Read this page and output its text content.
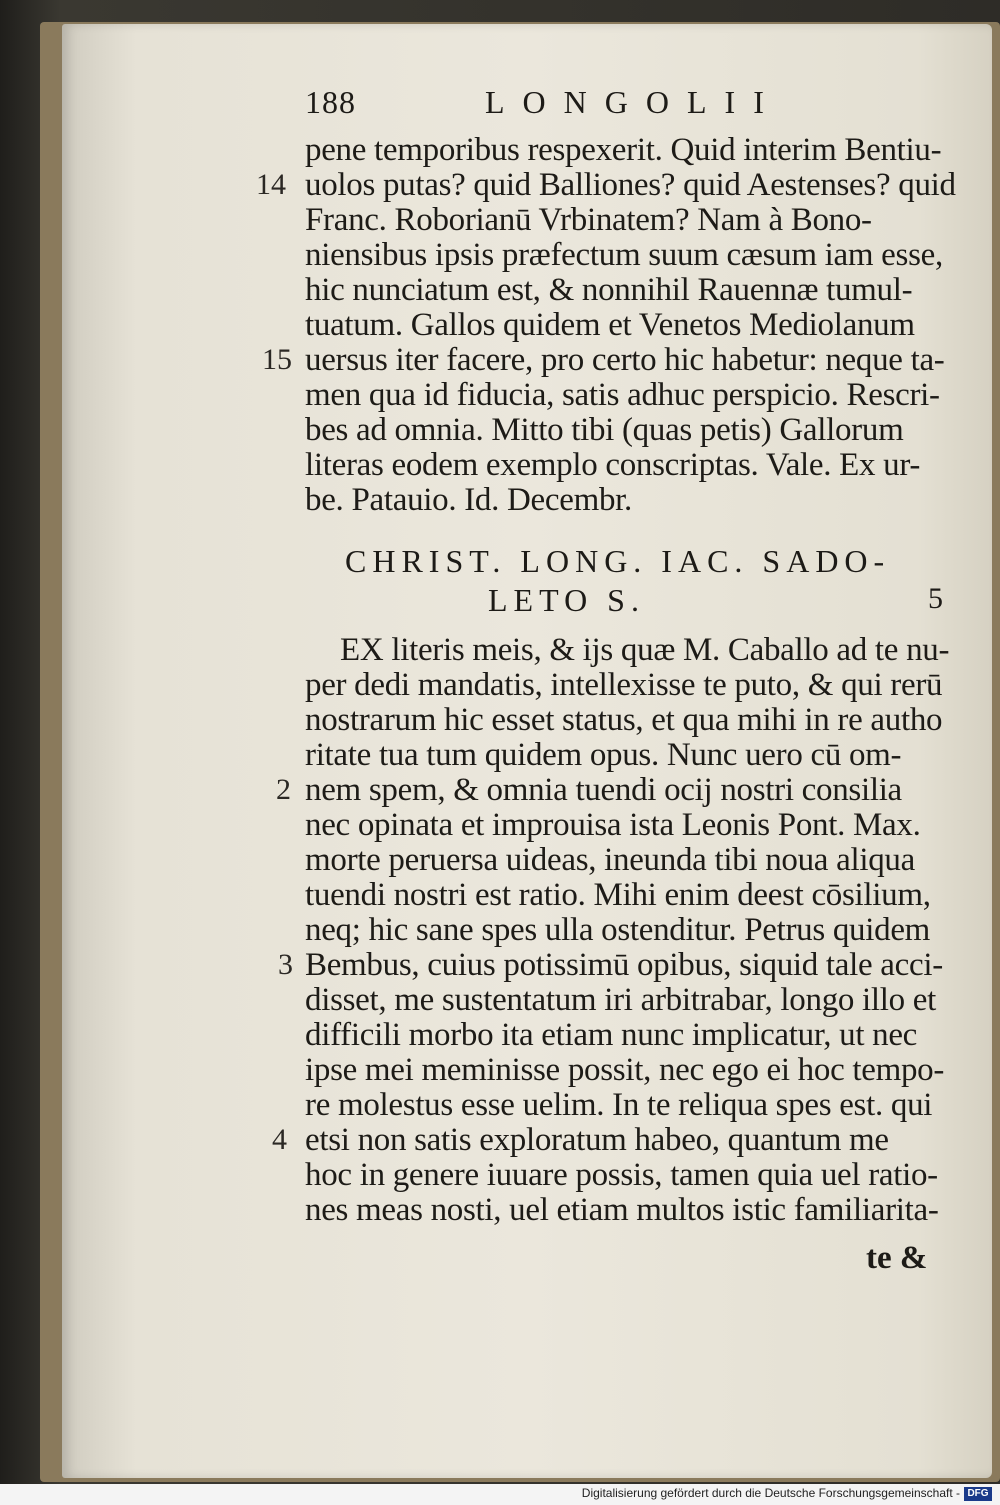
188	LONGOLII
pene temporibus respexerit. Quid interim Bentiu-
uolos putas? quid Balliones? quid Aestenses? quid
Franc. Roborianū Vrbinatem? Nam à Bono-
niensibus ipsis præfectum suum cæsum iam esse,
hic nunciatum est, & nonnihil Rauennæ tumul-
tuatum. Gallos quidem et Venetos Mediolanum
uersus iter facere, pro certo hic habetur: neque ta-
men qua id fiducia, satis adhuc perspicio. Rescri-
bes ad omnia. Mitto tibi (quas petis) Gallorum
literas eodem exemplo conscriptas. Vale. Ex ur-
be. Patauio. Id. Decembr.
14
15
CHRIST. LONG. IAC. SADO-
LETO S.	5
EX literis meis, & ijs quæ M. Caballo ad te nu-
per dedi mandatis, intellexisse te puto, & qui rerū
nostrarum hic esset status, et qua mihi in re autho
ritate tua tum quidem opus. Nunc uero cū om-
nem spem, & omnia tuendi ocij nostri consilia
nec opinata et improuisa ista Leonis Pont. Max.
morte peruersa uideas, ineunda tibi noua aliqua
tuendi nostri est ratio. Mihi enim deest cōsilium,
neq; hic sane spes ulla ostenditur. Petrus quidem
Bembus, cuius potissimū opibus, siquid tale acci-
disset, me sustentatum iri arbitrabar, longo illo et
difficili morbo ita etiam nunc implicatur, ut nec
ipse mei meminisse possit, nec ego ei hoc tempo-
re molestus esse uelim. In te reliqua spes est. qui
etsi non satis exploratum habeo, quantum me
hoc in genere iuuare possis, tamen quia uel ratio-
nes meas nosti, uel etiam multos istic familiarita-
2
3
4
te &
Digitalisierung gefördert durch die Deutsche Forschungsgemeinschaft - DFG
